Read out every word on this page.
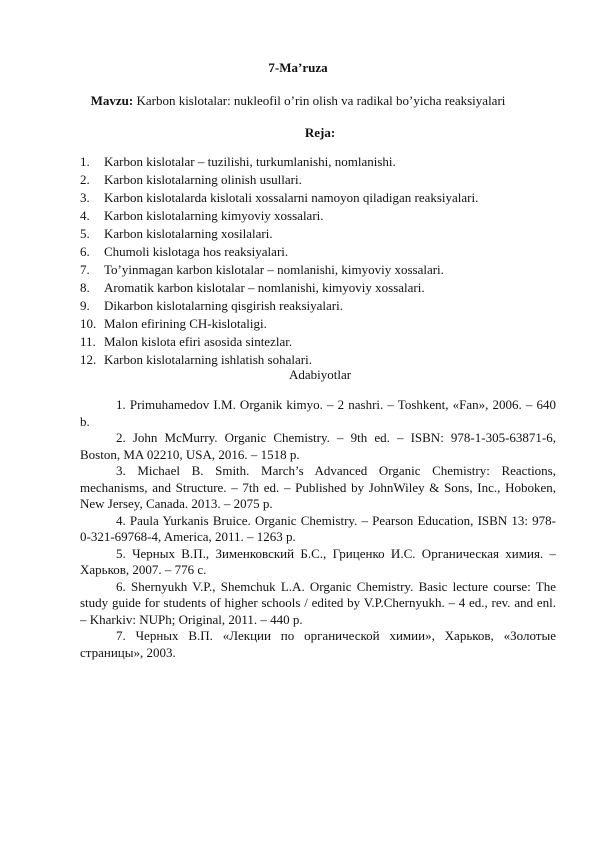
7-Ma’ruza
Mavzu: Karbon kislotalar: nukleofil o’rin olish va radikal bo’yicha reaksiyalari
Reja:
1.	Karbon kislotalar – tuzilishi, turkumlanishi, nomlanishi.
2.	Karbon kislotalarning olinish usullari.
3.	Karbon kislotalarda kislotali xossalarni namoyon qiladigan reaksiyalari.
4.	Karbon kislotalarning kimyoviy xossalari.
5.	Karbon kislotalarning xosilalari.
6.	Chumoli kislotaga hos reaksiyalari.
7.	To’yinmagan karbon kislotalar – nomlanishi, kimyoviy xossalari.
8.	Aromatik karbon kislotalar – nomlanishi, kimyoviy xossalari.
9.	Dikarbon kislotalarning qisgirish reaksiyalari.
10. Malon efirining CH-kislotaligi.
11. Malon kislota efiri asosida sintezlar.
12. Karbon kislotalarning ishlatish sohalari.
Adabiyotlar

1. Primuhamedov I.M. Organik kimyo. – 2 nashri. – Toshkent, «Fan», 2006. – 640 b.

2. John McMurry. Organic Chemistry. – 9th ed. – ISBN: 978-1-305-63871-6, Boston, MA 02210, USA, 2016. – 1518 p.

3. Michael B. Smith. March’s Advanced Organic Chemistry: Reactions, mechanisms, and Structure. – 7th ed. – Published by JohnWiley & Sons, Inc., Hoboken, New Jersey, Canada. 2013. – 2075 p.

4. Paula Yurkanis Bruice. Organic Chemistry. – Pearson Education, ISBN 13: 978-0-321-69768-4, America, 2011. – 1263 p.

5. Черных В.П., Зименковский Б.С., Гриценко И.С. Органическая химия. – Харьков, 2007. – 776 с.

6. Shernyukh V.P., Shemchuk L.A. Organic Chemistry. Basic lecture course: The study guide for students of higher schools / edited by V.P.Chernyukh. – 4 ed., rev. and enl. – Kharkiv: NUPh; Original, 2011. – 440 p.

7. Черных В.П. «Лекции по органической химии», Харьков, «Золотые страницы», 2003.
